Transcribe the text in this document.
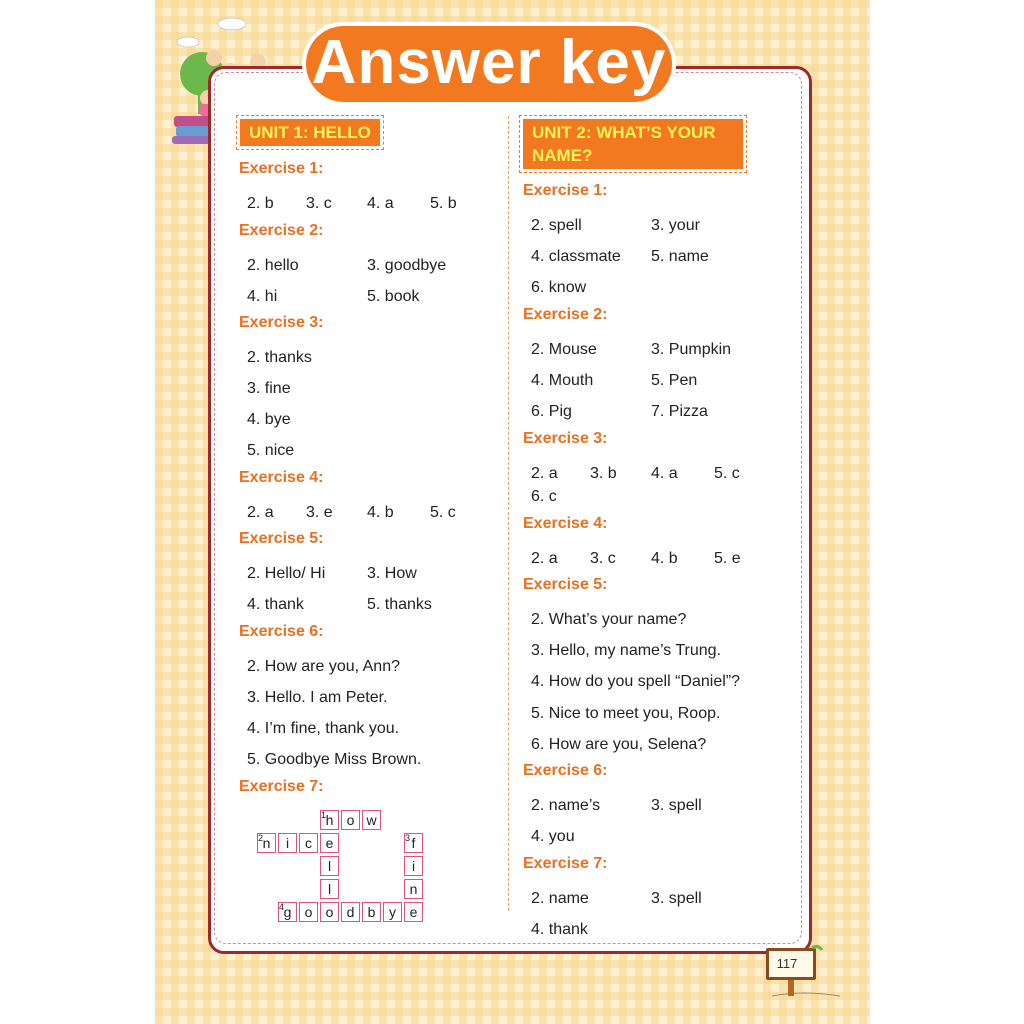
Answer key
UNIT 1: HELLO
Exercise 1:
2. b 3. c 4. a 5. b
Exercise 2:
2. hello	3. goodbye
4. hi	5. book
Exercise 3:
2. thanks
3. fine
4. bye
5. nice
Exercise 4:
2. a 3. e 4. b 5. c
Exercise 5:
2. Hello/ Hi	3. How
4. thank	5. thanks
Exercise 6:
2. How are you, Ann?
3. Hello. I am Peter.
4. I’m fine, thank you.
5. Goodbye Miss Brown.
Exercise 7:
h o w
n	i	c e	f
l	i
l	n
g o o d b y e
1
2	3
4
UNIT 2: WHAT’S YOUR
NAME?
Exercise 1:
2. spell	3. your
4. classmate 5. name
6. know
Exercise 2:
2. Mouse	3. Pumpkin
4. Mouth	5. Pen
6. Pig	7. Pizza
Exercise 3:
2. a 3. b 4. a 5. c
6. c
Exercise 4:
2. a 3. c 4. b 5. e
Exercise 5:
2. What’s your name?
3. Hello, my name’s Trung.
4. How do you spell “Daniel”?
5. Nice to meet you, Roop.
6. How are you, Selena?
Exercise 6:
2. name’s	3. spell
4. you
Exercise 7:
2. name	3. spell
4. thank
117
